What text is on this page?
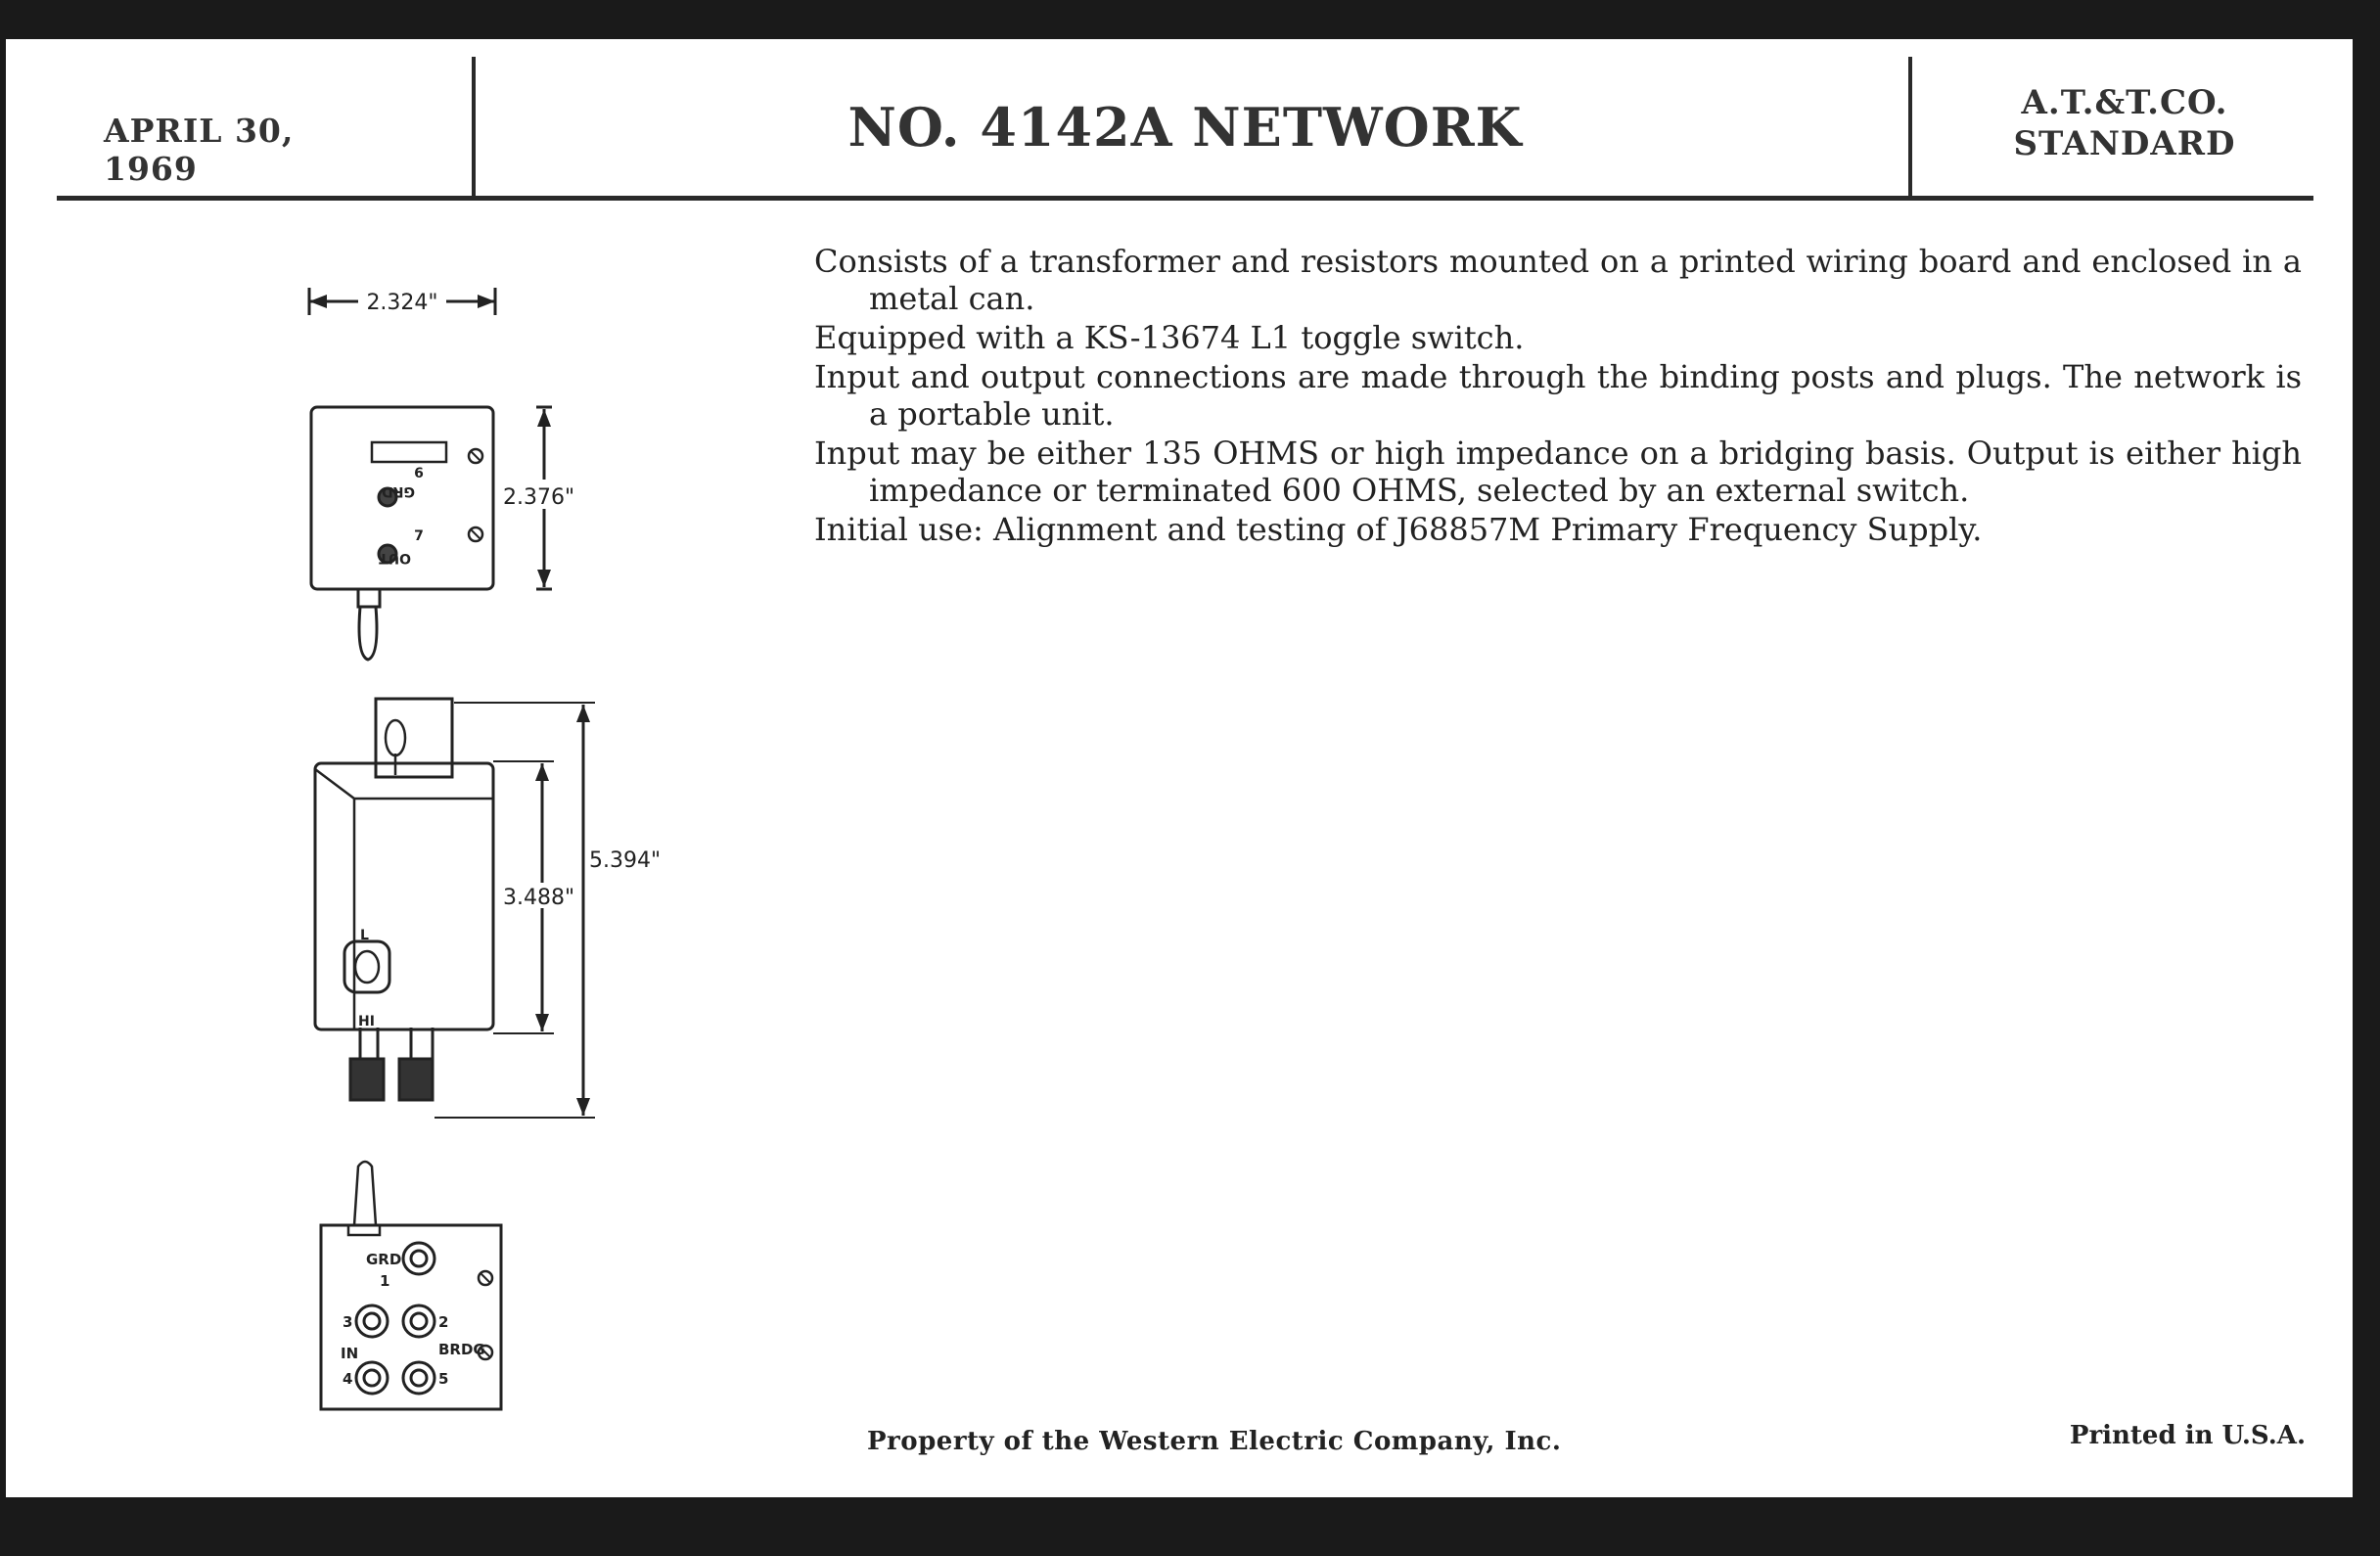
APRIL 30, 1969
NO. 4142A NETWORK	A.T.&T.CO.
STANDARD
2.324"
2.376"
GRD
6
OUT
7
3.488"
5.394"
L
HI
GRD
1
3	2
IN	BRDG
4	5

Consists of a transformer and resistors mounted on a printed wiring board and enclosed in a metal can.

Equipped with a KS-13674 L1 toggle switch.

Input and output connections are made through the binding posts and plugs. The network is a portable unit.

Input may be either 135 OHMS or high impedance on a bridging basis. Output is either high impedance or terminated 600 OHMS, selected by an external switch.

Initial use: Alignment and testing of J68857M Primary Frequency Supply.

Property of the Western Electric Company, Inc.	Printed in U.S.A.
